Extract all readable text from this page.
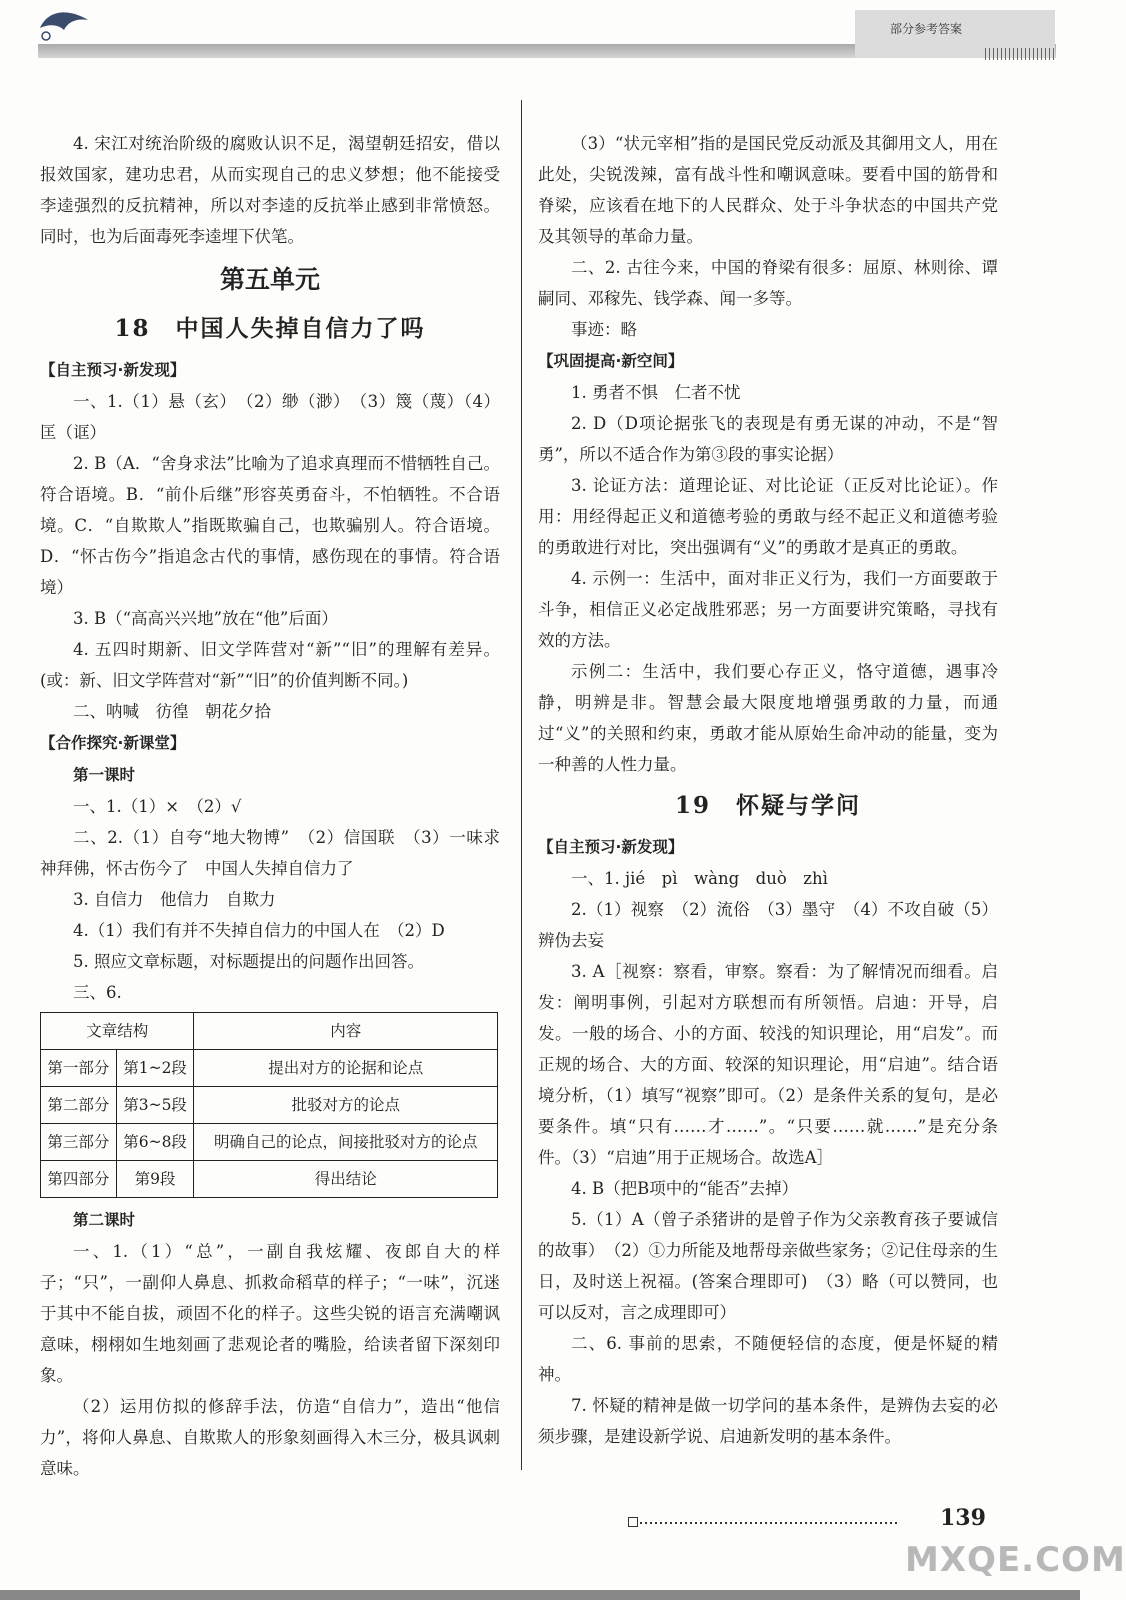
部分参考答案

4. 宋江对统治阶级的腐败认识不足，渴望朝廷招安，借以报效国家，建功忠君，从而实现自己的忠义梦想；他不能接受李逵强烈的反抗精神，所以对李逵的反抗举止感到非常愤怒。同时，也为后面毒死李逵埋下伏笔。

第五单元
18　中国人失掉自信力了吗

【自主预习·新发现】

一、1.（1）悬（玄）　（2）缈（渺）　（3）篾（蔑）（4）匡（诓）

2. B（A．“舍身求法”比喻为了追求真理而不惜牺牲自己。符合语境。B．“前仆后继”形容英勇奋斗，不怕牺牲。不合语境。C．“自欺欺人”指既欺骗自己，也欺骗别人。符合语境。D．“怀古伤今”指追念古代的事情，感伤现在的事情。符合语境）

3. B（“高高兴兴地”放在“他”后面）

4. 五四时期新、旧文学阵营对“新”“旧”的理解有差异。(或：新、旧文学阵营对“新”“旧”的价值判断不同。)

二、呐喊　彷徨　朝花夕拾

【合作探究·新课堂】

第一课时

一、1.（1）×　（2）√

二、2.（1）自夸“地大物博”　（2）信国联　（3）一味求神拜佛，怀古伤今了　中国人失掉自信力了

3. 自信力　他信力　自欺力

4.（1）我们有并不失掉自信力的中国人在　（2）D

5. 照应文章标题，对标题提出的问题作出回答。

三、6.

文章结构		内容
第一部分	第1~2段	提出对方的论据和论点
第二部分	第3~5段	批驳对方的论点
第三部分	第6~8段	明确自己的论点，间接批驳对方的论点
第四部分	第9段	得出结论

第二课时

一、1.（1）“总”，一副自我炫耀、夜郎自大的样子；“只”，一副仰人鼻息、抓救命稻草的样子；“一味”，沉迷于其中不能自拔，顽固不化的样子。这些尖锐的语言充满嘲讽意味，栩栩如生地刻画了悲观论者的嘴脸，给读者留下深刻印象。

（2）运用仿拟的修辞手法，仿造“自信力”，造出“他信力”，将仰人鼻息、自欺欺人的形象刻画得入木三分，极具讽刺意味。

（3）“状元宰相”指的是国民党反动派及其御用文人，用在此处，尖锐泼辣，富有战斗性和嘲讽意味。要看中国的筋骨和脊梁，应该看在地下的人民群众、处于斗争状态的中国共产党及其领导的革命力量。

二、2. 古往今来，中国的脊梁有很多：屈原、林则徐、谭嗣同、邓稼先、钱学森、闻一多等。

事迹：略

【巩固提高·新空间】

1. 勇者不惧　仁者不忧

2. D（D项论据张飞的表现是有勇无谋的冲动，不是“智勇”，所以不适合作为第③段的事实论据）

3. 论证方法：道理论证、对比论证（正反对比论证）。作用：用经得起正义和道德考验的勇敢与经不起正义和道德考验的勇敢进行对比，突出强调有“义”的勇敢才是真正的勇敢。

4. 示例一：生活中，面对非正义行为，我们一方面要敢于斗争，相信正义必定战胜邪恶；另一方面要讲究策略，寻找有效的方法。

示例二：生活中，我们要心存正义，恪守道德，遇事冷静，明辨是非。智慧会最大限度地增强勇敢的力量，而通过“义”的关照和约束，勇敢才能从原始生命冲动的能量，变为一种善的人性力量。

19　怀疑与学问

【自主预习·新发现】

一、1. jié　pì　wàng　duò　zhì

2.（1）视察　（2）流俗　（3）墨守　（4）不攻自破（5）辨伪去妄

3. A［视察：察看，审察。察看：为了解情况而细看。启发：阐明事例，引起对方联想而有所领悟。启迪：开导，启发。一般的场合、小的方面、较浅的知识理论，用“启发”。而正规的场合、大的方面、较深的知识理论，用“启迪”。结合语境分析，（1）填写“视察”即可。（2）是条件关系的复句，是必要条件。填“只有……才……”。“只要……就……”是充分条件。（3）“启迪”用于正规场合。故选A］

4. B（把B项中的“能否”去掉）

5.（1）A（曾子杀猪讲的是曾子作为父亲教育孩子要诚信的故事）　（2）①力所能及地帮母亲做些家务；②记住母亲的生日，及时送上祝福。(答案合理即可)　（3）略（可以赞同，也可以反对，言之成理即可）

二、6. 事前的思索，不随便轻信的态度，便是怀疑的精神。

7. 怀疑的精神是做一切学问的基本条件，是辨伪去妄的必须步骤，是建设新学说、启迪新发明的基本条件。

139
MXQE.COM
